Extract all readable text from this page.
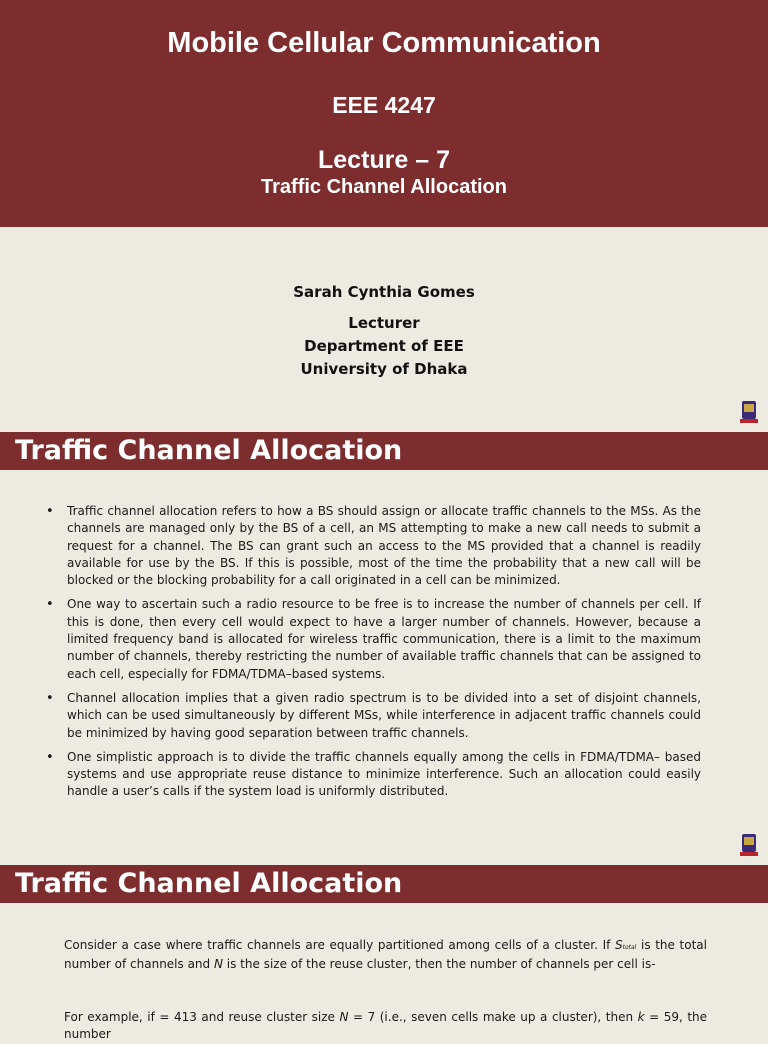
Mobile Cellular Communication
EEE 4247
Lecture – 7
Traffic Channel Allocation
Sarah Cynthia Gomes
Lecturer
Department of EEE
University of Dhaka
Traffic Channel Allocation
• Traffic channel allocation refers to how a BS should assign or allocate traffic channels to the MSs. As the channels are managed only by the BS of a cell, an MS attempting to make a new call needs to submit a request for a channel. The BS can grant such an access to the MS provided that a channel is readily available for use by the BS. If this is possible, most of the time the probability that a new call will be blocked or the blocking probability for a call originated in a cell can be minimized.
• One way to ascertain such a radio resource to be free is to increase the number of channels per cell. If this is done, then every cell would expect to have a larger number of channels. However, because a limited frequency band is allocated for wireless traffic communication, there is a limit to the maximum number of channels, thereby restricting the number of available traffic channels that can be assigned to each cell, especially for FDMA/TDMA–based systems.
• Channel allocation implies that a given radio spectrum is to be divided into a set of disjoint channels, which can be used simultaneously by different MSs, while interference in adjacent traffic channels could be minimized by having good separation between traffic channels.
• One simplistic approach is to divide the traffic channels equally among the cells in FDMA/TDMA– based systems and use appropriate reuse distance to minimize interference. Such an allocation could easily handle a user’s calls if the system load is uniformly distributed.
Traffic Channel Allocation
Consider a case where traffic channels are equally partitioned among cells of a cluster. If Stotal is the total number of channels and N is the size of the reuse cluster, then the number of channels per cell is-
For example, if = 413 and reuse cluster size N = 7 (i.e., seven cells make up a cluster), then k = 59, the number
